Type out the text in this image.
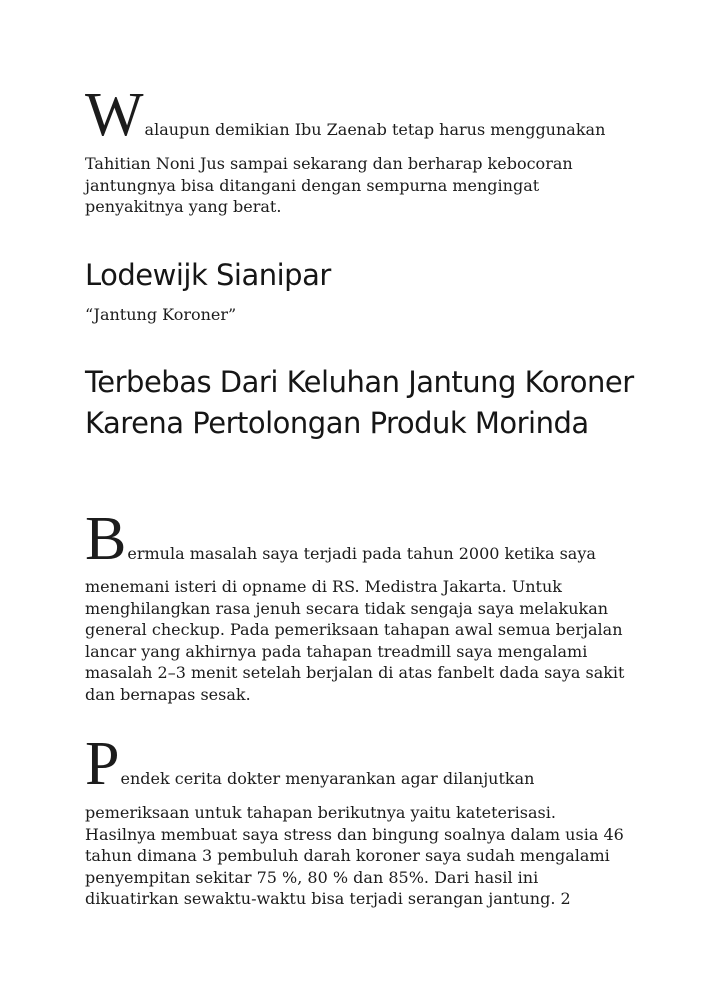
Walaupun demikian Ibu Zaenab tetap harus menggunakan

Tahitian Noni Jus sampai sekarang dan berharap kebocoran jantungnya bisa ditangani dengan sempurna mengingat penyakitnya yang berat.

Lodewijk Sianipar

“Jantung Koroner”

Terbebas Dari Keluhan Jantung Koroner Karena Pertolongan Produk Morinda
Bermula masalah saya terjadi pada tahun 2000 ketika saya

menemani isteri di opname di RS. Medistra Jakarta. Untuk menghilangkan rasa jenuh secara tidak sengaja saya melakukan general checkup. Pada pemeriksaan tahapan awal semua berjalan lancar yang akhirnya pada tahapan treadmill saya mengalami masalah 2–3 menit setelah berjalan di atas fanbelt dada saya sakit dan bernapas sesak.

Pendek cerita dokter menyarankan agar dilanjutkan

pemeriksaan untuk tahapan berikutnya yaitu kateterisasi. Hasilnya membuat saya stress dan bingung soalnya dalam usia 46 tahun dimana 3 pembuluh darah koroner saya sudah mengalami penyempitan sekitar 75 %, 80 % dan 85%. Dari hasil ini dikuatirkan sewaktu-waktu bisa terjadi serangan jantung. 2
